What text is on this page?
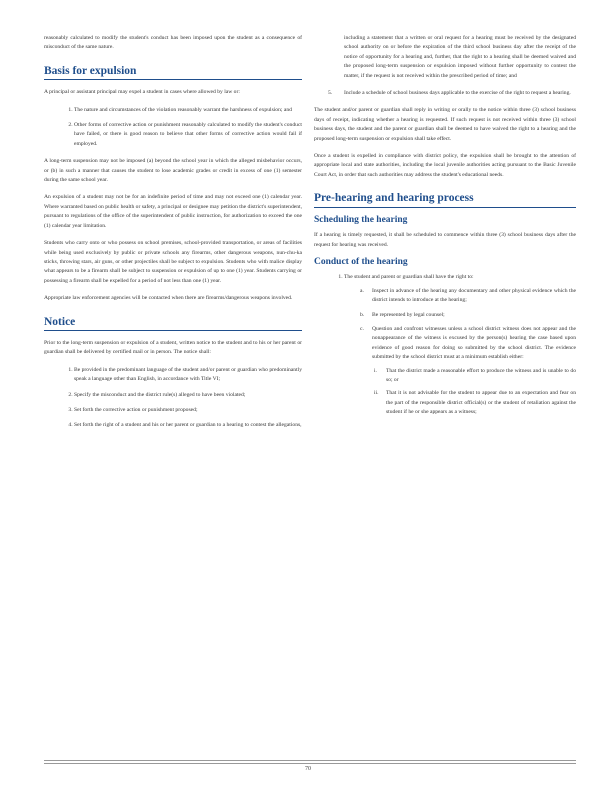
reasonably calculated to modify the student's conduct has been imposed upon the student as a consequence of misconduct of the same nature.

Basis for expulsion

A principal or assistant principal may expel a student in cases where allowed by law or:

1. The nature and circumstances of the violation reasonably warrant the harshness of expulsion; and
2. Other forms of corrective action or punishment reasonably calculated to modify the student's conduct have failed, or there is good reason to believe that other forms of corrective action would fail if employed.

A long-term suspension may not be imposed (a) beyond the school year in which the alleged misbehavior occurs, or (b) in such a manner that causes the student to lose academic grades or credit in excess of one (1) semester during the same school year.

An expulsion of a student may not be for an indefinite period of time and may not exceed one (1) calendar year. Where warranted based on public health or safety, a principal or designee may petition the district's superintendent, pursuant to regulations of the office of the superintendent of public instruction, for authorization to exceed the one (1) calendar year limitation.

Students who carry onto or who possess on school premises, school-provided transportation, or areas of facilities while being used exclusively by public or private schools any firearms, other dangerous weapons, nun-chu-ka sticks, throwing stars, air guns, or other projectiles shall be subject to expulsion. Students who with malice display what appears to be a firearm shall be subject to suspension or expulsion of up to one (1) year. Students carrying or possessing a firearm shall be expelled for a period of not less than one (1) year.

Appropriate law enforcement agencies will be contacted when there are firearms/dangerous weapons involved.

Notice

Prior to the long-term suspension or expulsion of a student, written notice to the student and to his or her parent or guardian shall be delivered by certified mail or in person. The notice shall:

1. Be provided in the predominant language of the student and/or parent or guardian who predominantly speak a language other than English, in accordance with Title VI;
2. Specify the misconduct and the district rule(s) alleged to have been violated;
3. Set forth the corrective action or punishment proposed;
4. Set forth the right of a student and his or her parent or guardian to a hearing to contest the allegations,

including a statement that a written or oral request for a hearing must be received by the designated school authority on or before the expiration of the third school business day after the receipt of the notice of opportunity for a hearing and, further, that the right to a hearing shall be deemed waived and the proposed long-term suspension or expulsion imposed without further opportunity to contest the matter, if the request is not received within the prescribed period of time; and

5. Include a schedule of school business days applicable to the exercise of the right to request a hearing.

The student and/or parent or guardian shall reply in writing or orally to the notice within three (3) school business days of receipt, indicating whether a hearing is requested. If such request is not received within three (3) school business days, the student and the parent or guardian shall be deemed to have waived the right to a hearing and the proposed long-term suspension or expulsion shall take effect.

Once a student is expelled in compliance with district policy, the expulsion shall be brought to the attention of appropriate local and state authorities, including the local juvenile authorities acting pursuant to the Basic Juvenile Court Act, in order that such authorities may address the student's educational needs.

Pre-hearing and hearing process
Scheduling the hearing

If a hearing is timely requested, it shall be scheduled to commence within three (3) school business days after the request for hearing was received.

Conduct of the hearing
1. The student and parent or guardian shall have the right to:
a. Inspect in advance of the hearing any documentary and other physical evidence which the district intends to introduce at the hearing;
b. Be represented by legal counsel;
c. Question and confront witnesses unless a school district witness does not appear and the nonappearance of the witness is excused by the person(s) hearing the case based upon evidence of good reason for doing so submitted by the school district. The evidence submitted by the school district must at a minimum establish either:
i. That the district made a reasonable effort to produce the witness and is unable to do so; or
ii. That it is not advisable for the student to appear due to an expectation and fear on the part of the responsible district official(s) or the student of retaliation against the student if he or she appears as a witness;
70
